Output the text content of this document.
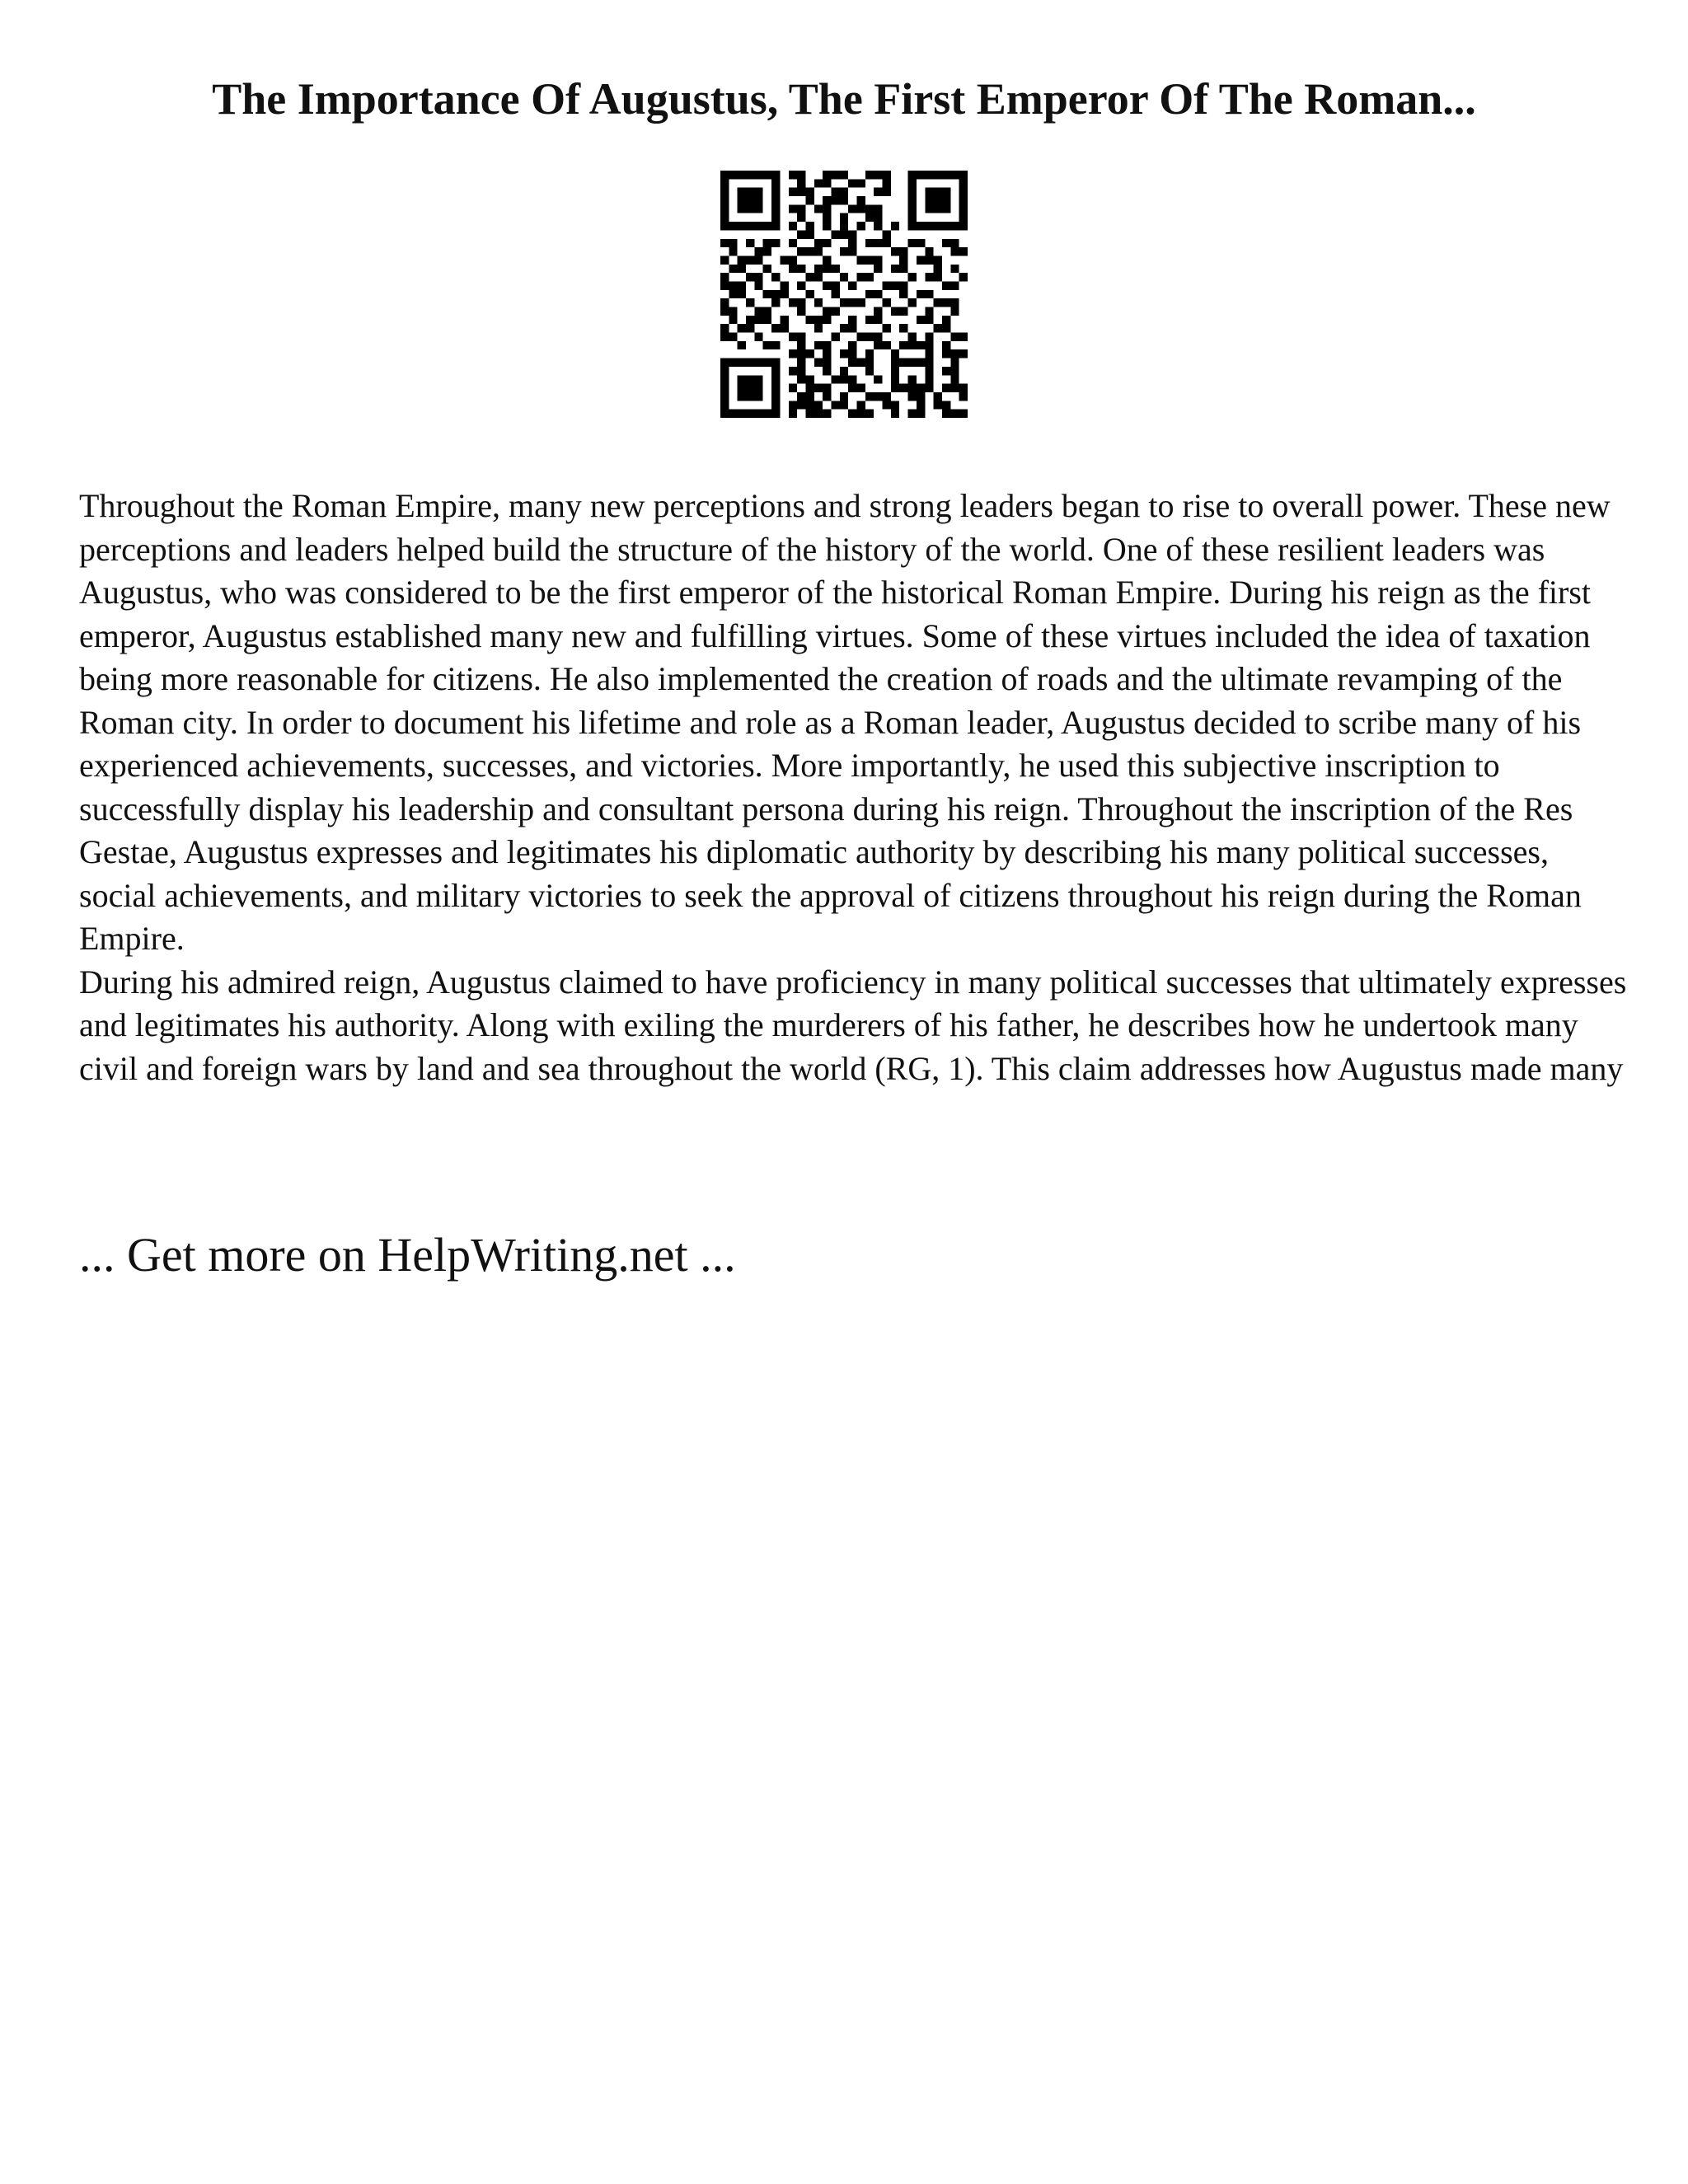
The Importance Of Augustus, The First Emperor Of The Roman...

Throughout the Roman Empire, many new perceptions and strong leaders began to rise to overall power. These new perceptions and leaders helped build the structure of the history of the world. One of these resilient leaders was Augustus, who was considered to be the first emperor of the historical Roman Empire. During his reign as the first emperor, Augustus established many new and fulfilling virtues. Some of these virtues included the idea of taxation being more reasonable for citizens. He also implemented the creation of roads and the ultimate revamping of the Roman city. In order to document his lifetime and role as a Roman leader, Augustus decided to scribe many of his experienced achievements, successes, and victories. More importantly, he used this subjective inscription to successfully display his leadership and consultant persona during his reign. Throughout the inscription of the Res Gestae, Augustus expresses and legitimates his diplomatic authority by describing his many political successes, social achievements, and military victories to seek the approval of citizens throughout his reign during the Roman Empire.

During his admired reign, Augustus claimed to have proficiency in many political successes that ultimately expresses and legitimates his authority. Along with exiling the murderers of his father, he describes how he undertook many civil and foreign wars by land and sea throughout the world (RG, 1). This claim addresses how Augustus made many

... Get more on HelpWriting.net ...
